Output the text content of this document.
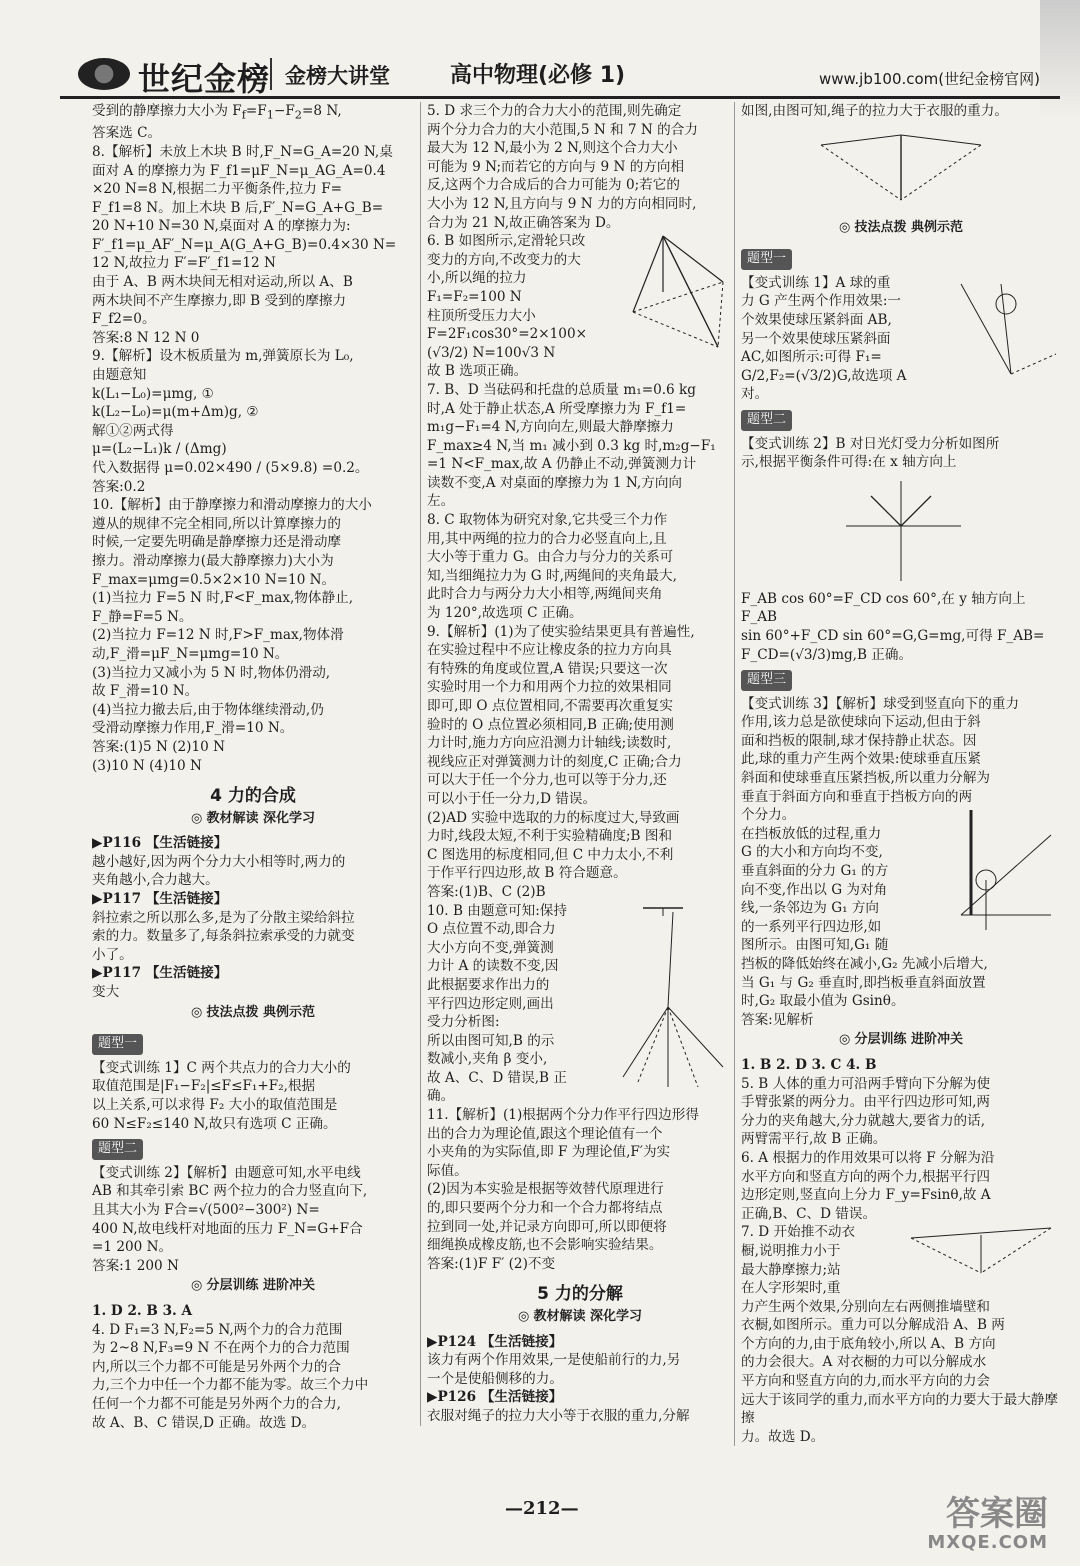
世纪金榜 金榜大讲堂	高中物理(必修 1)	www.jb100.com(世纪金榜官网)

受到的静摩擦力大小为 $F_f=F_1-F_2=8$ N,

答案选 C。

8.【解析】未放上木块 B 时,F_N=G_A=20 N,桌

面对 A 的摩擦力为 F_f1=μF_N=μ_AG_A=0.4

×20 N=8 N,根据二力平衡条件,拉力 F=

F_f1=8 N。加上木块 B 后,F′_N=G_A+G_B=

20 N+10 N=30 N,桌面对 A 的摩擦力为:

F′_f1=μ_AF′_N=μ_A(G_A+G_B)=0.4×30 N=

12 N,故拉力 F′=F′_f1=12 N

由于 A、B 两木块间无相对运动,所以 A、B

两木块间不产生摩擦力,即 B 受到的摩擦力

F_f2=0。

答案:8 N 12 N 0

9.【解析】设木板质量为 m,弹簧原长为 L₀,

由题意知

k(L₁−L₀)=μmg, ①

k(L₂−L₀)=μ(m+Δm)g, ②

解①②两式得

μ=(L₂−L₁)k / (Δmg)

代入数据得 μ=0.02×490 / (5×9.8) =0.2。

答案:0.2

10.【解析】由于静摩擦力和滑动摩擦力的大小

遵从的规律不完全相同,所以计算摩擦力的

时候,一定要先明确是静摩擦力还是滑动摩

擦力。滑动摩擦力(最大静摩擦力)大小为

F_max=μmg=0.5×2×10 N=10 N。

(1)当拉力 F=5 N 时,F<F_max,物体静止,

F_静=F=5 N。

(2)当拉力 F=12 N 时,F>F_max,物体滑

动,F_滑=μF_N=μmg=10 N。

(3)当拉力又减小为 5 N 时,物体仍滑动,

故 F_滑=10 N。

(4)当拉力撤去后,由于物体继续滑动,仍

受滑动摩擦力作用,F_滑=10 N。

答案:(1)5 N (2)10 N

(3)10 N (4)10 N

4 力的合成
◎ 教材解读 深化学习

▶P116 【生活链接】

越小越好,因为两个分力大小相等时,两力的

夹角越小,合力越大。

▶P117 【生活链接】

斜拉索之所以那么多,是为了分散主梁给斜拉

索的力。数量多了,每条斜拉索承受的力就变

小了。

▶P117 【生活链接】

变大

◎ 技法点拨 典例示范
题型一

【变式训练 1】C 两个共点力的合力大小的

取值范围是|F₁−F₂|≤F≤F₁+F₂,根据

以上关系,可以求得 F₂ 大小的取值范围是

60 N≤F₂≤140 N,故只有选项 C 正确。

题型二

【变式训练 2】【解析】由题意可知,水平电线

AB 和其牵引索 BC 两个拉力的合力竖直向下,

且其大小为 F合=√(500²−300²) N=

400 N,故电线杆对地面的压力 F_N=G+F合

=1 200 N。

答案:1 200 N

◎ 分层训练 进阶冲关

1. D 2. B 3. A

4. D F₁=3 N,F₂=5 N,两个力的合力范围

为 2~8 N,F₃=9 N 不在两个力的合力范围

内,所以三个力都不可能是另外两个力的合

力,三个力中任一个力都不能为零。故三个力中

任何一个力都不可能是另外两个力的合力,

故 A、B、C 错误,D 正确。故选 D。

5. D 求三个力的合力大小的范围,则先确定

两个分力合力的大小范围,5 N 和 7 N 的合力

最大为 12 N,最小为 2 N,则这个合力大小

可能为 9 N;而若它的方向与 9 N 的方向相

反,这两个力合成后的合力可能为 0;若它的

大小为 12 N,且方向与 9 N 力的方向相同时,

合力为 21 N,故正确答案为 D。

6. B 如图所示,定滑轮只改

变力的方向,不改变力的大

小,所以绳的拉力

F₁=F₂=100 N

柱顶所受压力大小

F=2F₁cos30°=2×100×

(√3/2) N=100√3 N

故 B 选项正确。

7. B、D 当砝码和托盘的总质量 m₁=0.6 kg

时,A 处于静止状态,A 所受摩擦力为 F_f1=

m₁g−F₁=4 N,方向向左,则最大静摩擦力

F_max≥4 N,当 m₁ 减小到 0.3 kg 时,m₂g−F₁

=1 N<F_max,故 A 仍静止不动,弹簧测力计

读数不变,A 对桌面的摩擦力为 1 N,方向向

左。

8. C 取物体为研究对象,它共受三个力作

用,其中两绳的拉力的合力必竖直向上,且

大小等于重力 G。由合力与分力的关系可

知,当细绳拉力为 G 时,两绳间的夹角最大,

此时合力与两分力大小相等,两绳间夹角

为 120°,故选项 C 正确。

9.【解析】(1)为了使实验结果更具有普遍性,

在实验过程中不应让橡皮条的拉力方向具

有特殊的角度或位置,A 错误;只要这一次

实验时用一个力和用两个力拉的效果相同

即可,即 O 点位置相同,不需要再次重复实

验时的 O 点位置必须相同,B 正确;使用测

力计时,施力方向应沿测力计轴线;读数时,

视线应正对弹簧测力计的刻度,C 正确;合力

可以大于任一个分力,也可以等于分力,还

可以小于任一分力,D 错误。

(2)AD 实验中选取的力的标度过大,导致画

力时,线段太短,不利于实验精确度;B 图和

C 图选用的标度相同,但 C 中力太小,不利

于作平行四边形,故 B 符合题意。

答案:(1)B、C (2)B

10. B 由题意可知:保持

O 点位置不动,即合力

大小方向不变,弹簧测

力计 A 的读数不变,因

此根据要求作出力的

平行四边形定则,画出

受力分析图:

所以由图可知,B 的示

数减小,夹角 β 变小,

故 A、C、D 错误,B 正

确。

11.【解析】(1)根据两个分力作平行四边形得

出的合力为理论值,跟这个理论值有一个

小夹角的为实际值,即 F 为理论值,F′为实

际值。

(2)因为本实验是根据等效替代原理进行

的,即只要两个分力和一个合力都将结点

拉到同一处,并记录方向即可,所以即便将

细绳换成橡皮筋,也不会影响实验结果。

答案:(1)F F′ (2)不变

5 力的分解
◎ 教材解读 深化学习

▶P124 【生活链接】

该力有两个作用效果,一是使船前行的力,另

一个是使船侧移的力。

▶P126 【生活链接】

衣服对绳子的拉力大小等于衣服的重力,分解

如图,由图可知,绳子的拉力大于衣服的重力。

◎ 技法点拨 典例示范
题型一

【变式训练 1】A 球的重

力 G 产生两个作用效果:一

个效果使球压紧斜面 AB,

另一个效果使球压紧斜面

AC,如图所示:可得 F₁=

G/2,F₂=(√3/2)G,故选项 A

对。

题型二

【变式训练 2】B 对日光灯受力分析如图所

示,根据平衡条件可得:在 x 轴方向上

F_AB cos 60°=F_CD cos 60°,在 y 轴方向上 F_AB

sin 60°+F_CD sin 60°=G,G=mg,可得 F_AB=

F_CD=(√3/3)mg,B 正确。

题型三

【变式训练 3】【解析】球受到竖直向下的重力

作用,该力总是欲使球向下运动,但由于斜

面和挡板的限制,球才保持静止状态。因

此,球的重力产生两个效果:使球垂直压紧

斜面和使球垂直压紧挡板,所以重力分解为

垂直于斜面方向和垂直于挡板方向的两

个分力。

在挡板放低的过程,重力

G 的大小和方向均不变,

垂直斜面的分力 G₁ 的方

向不变,作出以 G 为对角

线,一条邻边为 G₁ 方向

的一系列平行四边形,如

图所示。由图可知,G₁ 随

挡板的降低始终在减小,G₂ 先减小后增大,

当 G₁ 与 G₂ 垂直时,即挡板垂直斜面放置

时,G₂ 取最小值为 Gsinθ。

答案:见解析

◎ 分层训练 进阶冲关

1. B 2. D 3. C 4. B

5. B 人体的重力可沿两手臂向下分解为使

手臂张紧的两分力。由平行四边形可知,两

分力的夹角越大,分力就越大,要省力的话,

两臂需平行,故 B 正确。

6. A 根据力的作用效果可以将 F 分解为沿

水平方向和竖直方向的两个力,根据平行四

边形定则,竖直向上分力 F_y=Fsinθ,故 A

正确,B、C、D 错误。

7. D 开始推不动衣

橱,说明推力小于

最大静摩擦力;站

在人字形架时,重

力产生两个效果,分别向左右两侧推墙壁和

衣橱,如图所示。重力可以分解成沿 A、B 两

个方向的力,由于底角较小,所以 A、B 方向

的力会很大。A 对衣橱的力可以分解成水

平方向和竖直方向的力,而水平方向的力会

远大于该同学的重力,而水平方向的力要大于最大静摩擦

力。故选 D。

—212—	答案圈
MXQE.COM
